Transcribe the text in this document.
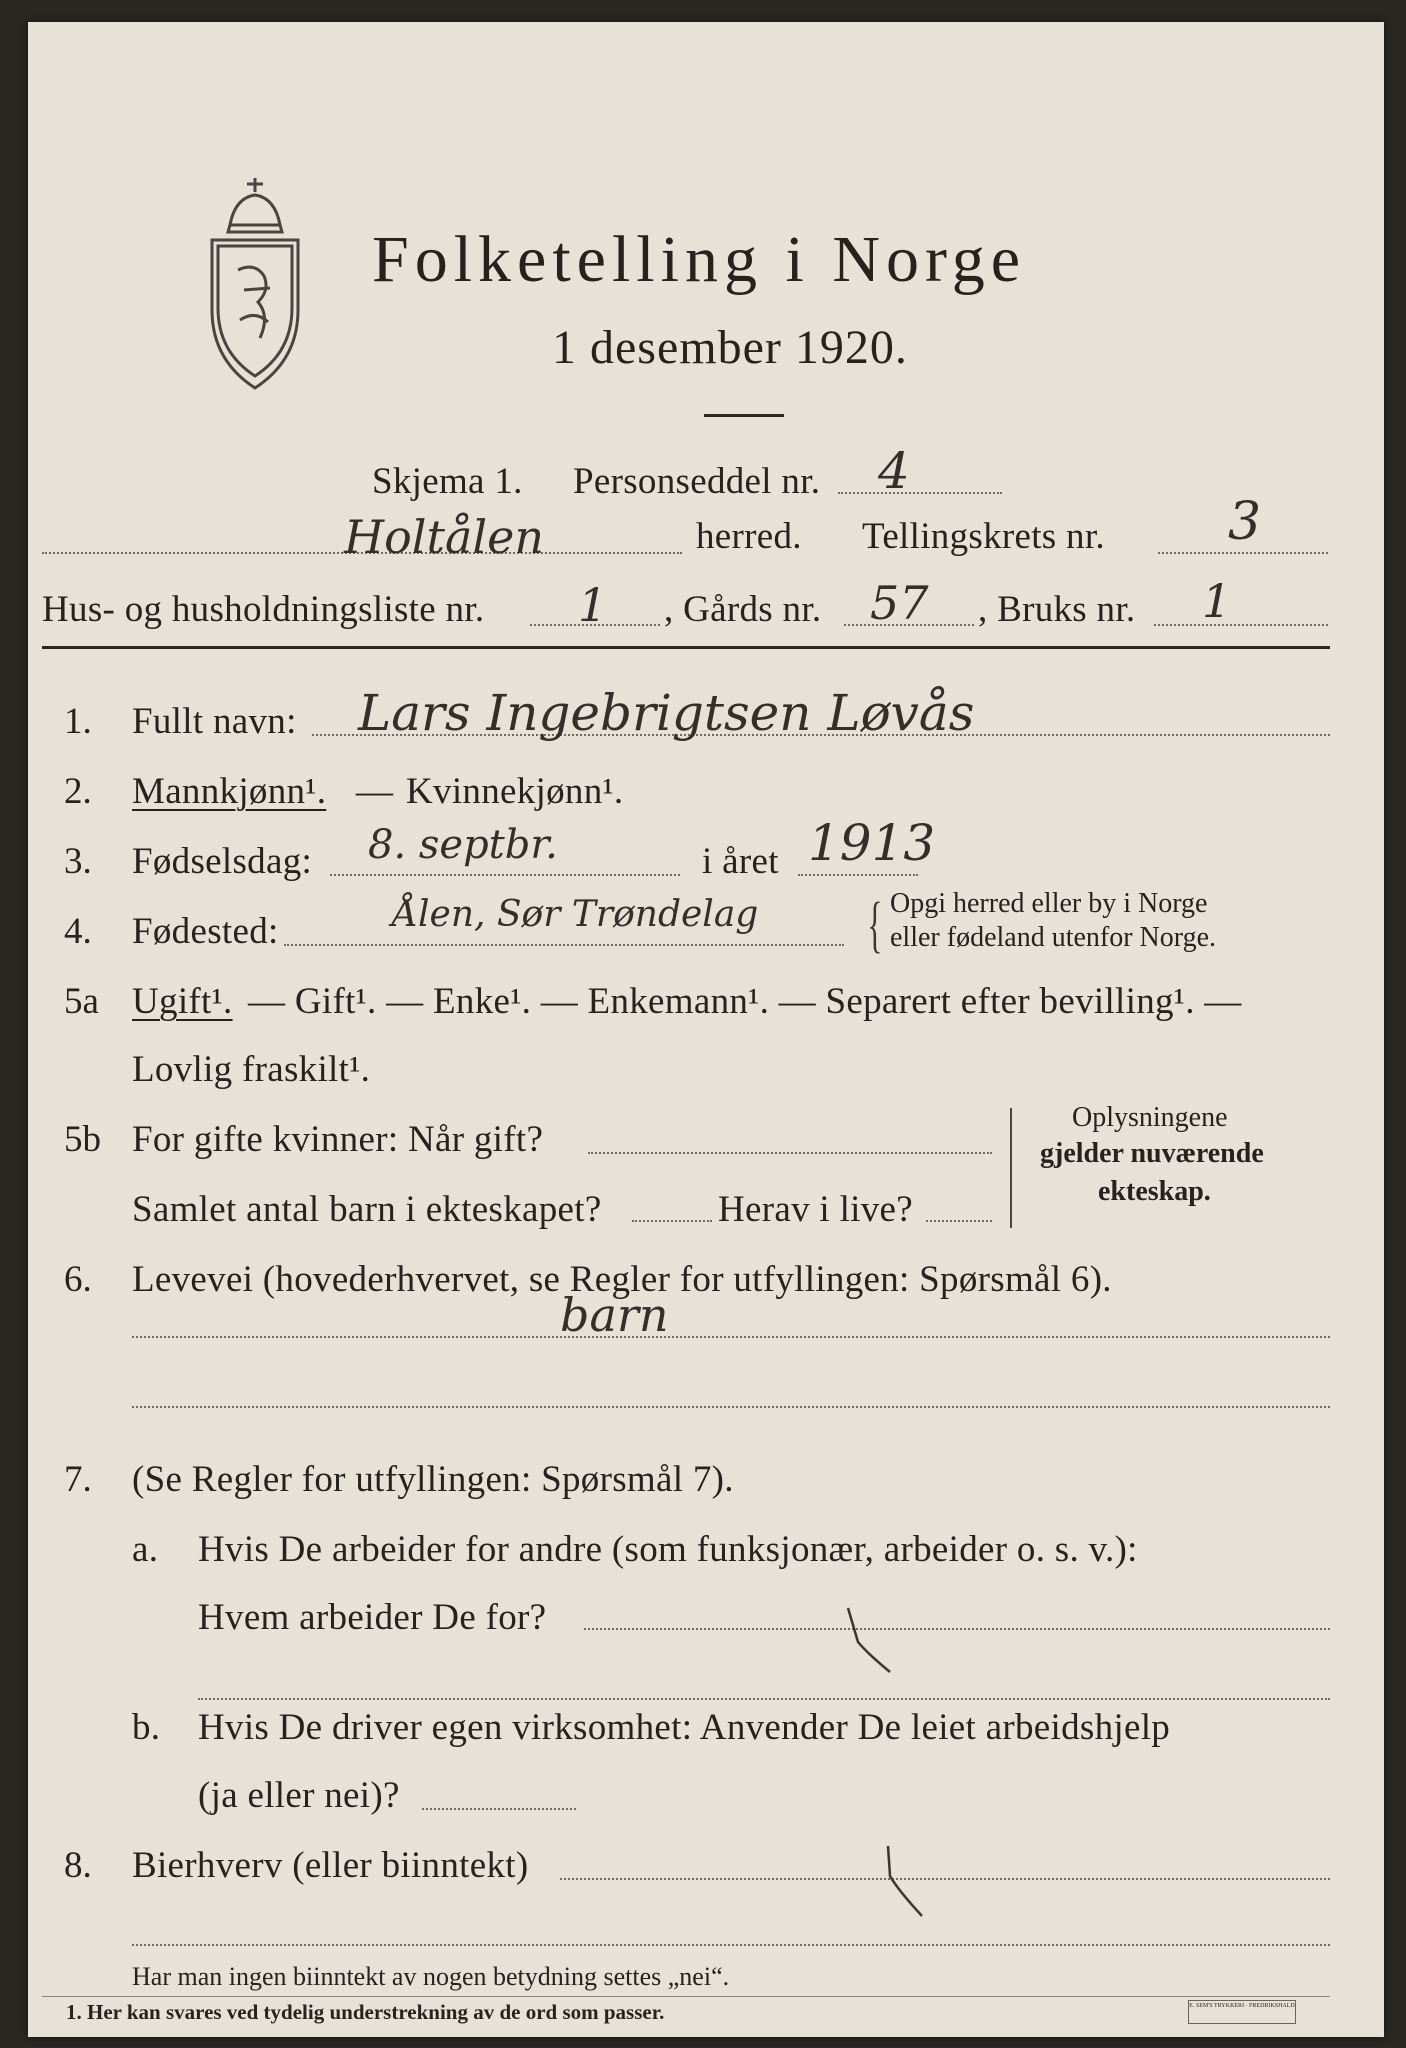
Folketelling i Norge
1 desember 1920.
Skjema 1. Personseddel nr. 4
Holtålen	herred. Tellingskrets nr. 3
Hus- og husholdningsliste nr. 1 , Gårds nr. 57 , Bruks nr. 1
1. Fullt navn: Lars Ingebrigtsen Løvås
2. Mannkjønn¹. — Kvinnekjønn¹.
3. Fødselsdag: 8. septbr.	i året 1913
4. Fødested:	Ålen, Sør Trøndelag { Opgi herred eller by i Norge
eller fødeland utenfor Norge.
5a Ugift¹. — Gift¹. — Enke¹. — Enkemann¹. — Separert efter bevilling¹. —
Lovlig fraskilt¹.
5b For gifte kvinner: Når gift?
Samlet antal barn i ekteskapet?	Herav i live?
Oplysningene
gjelder nuværende
ekteskap.
6. Levevei (hovederhvervet, se Regler for utfyllingen: Spørsmål 6).
barn
7. (Se Regler for utfyllingen: Spørsmål 7).
a. Hvis De arbeider for andre (som funksjonær, arbeider o. s. v.):
Hvem arbeider De for?
b. Hvis De driver egen virksomhet: Anvender De leiet arbeidshjelp
(ja eller nei)?
8. Bierhverv (eller biinntekt)
Har man ingen biinntekt av nogen betydning settes „nei“.
1. Her kan svares ved tydelig understrekning av de ord som passer.	E. SEM'S TRYKKERI · FREDRIKSHALD
